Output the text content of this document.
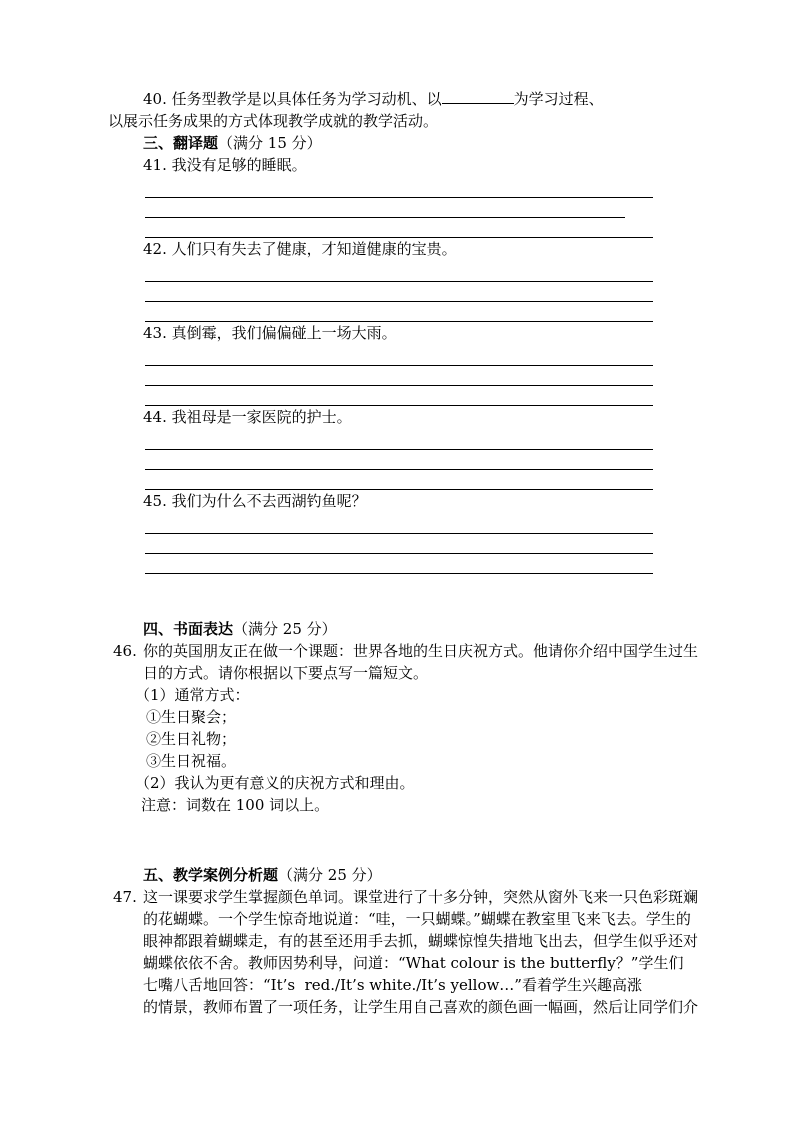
40. 任务型教学是以具体任务为学习动机、以	为学习过程、
以展示任务成果的方式体现教学成就的教学活动。
三、翻译题（满分 15 分）
41. 我没有足够的睡眠。
42. 人们只有失去了健康，才知道健康的宝贵。
43. 真倒霉，我们偏偏碰上一场大雨。
44. 我祖母是一家医院的护士。
45. 我们为什么不去西湖钓鱼呢？
四、书面表达（满分 25 分）
46. 你的英国朋友正在做一个课题：世界各地的生日庆祝方式。他请你介绍中国学生过生
日的方式。请你根据以下要点写一篇短文。
（1）通常方式：
①生日聚会；
②生日礼物；
③生日祝福。
（2）我认为更有意义的庆祝方式和理由。
注意：词数在 100 词以上。
五、教学案例分析题（满分 25 分）
47. 这一课要求学生掌握颜色单词。课堂进行了十多分钟，突然从窗外飞来一只色彩斑斓
的花蝴蝶。一个学生惊奇地说道：“哇，一只蝴蝶。”蝴蝶在教室里飞来飞去。学生的
眼神都跟着蝴蝶走，有的甚至还用手去抓，蝴蝶惊惶失措地飞出去，但学生似乎还对
蝴蝶依依不舍。教师因势利导，问道：“What colour is the butterfly？”学生们
七嘴八舌地回答：“It’s  red./It’s white./It’s yellow…”看着学生兴趣高涨
的情景，教师布置了一项任务，让学生用自己喜欢的颜色画一幅画，然后让同学们介
